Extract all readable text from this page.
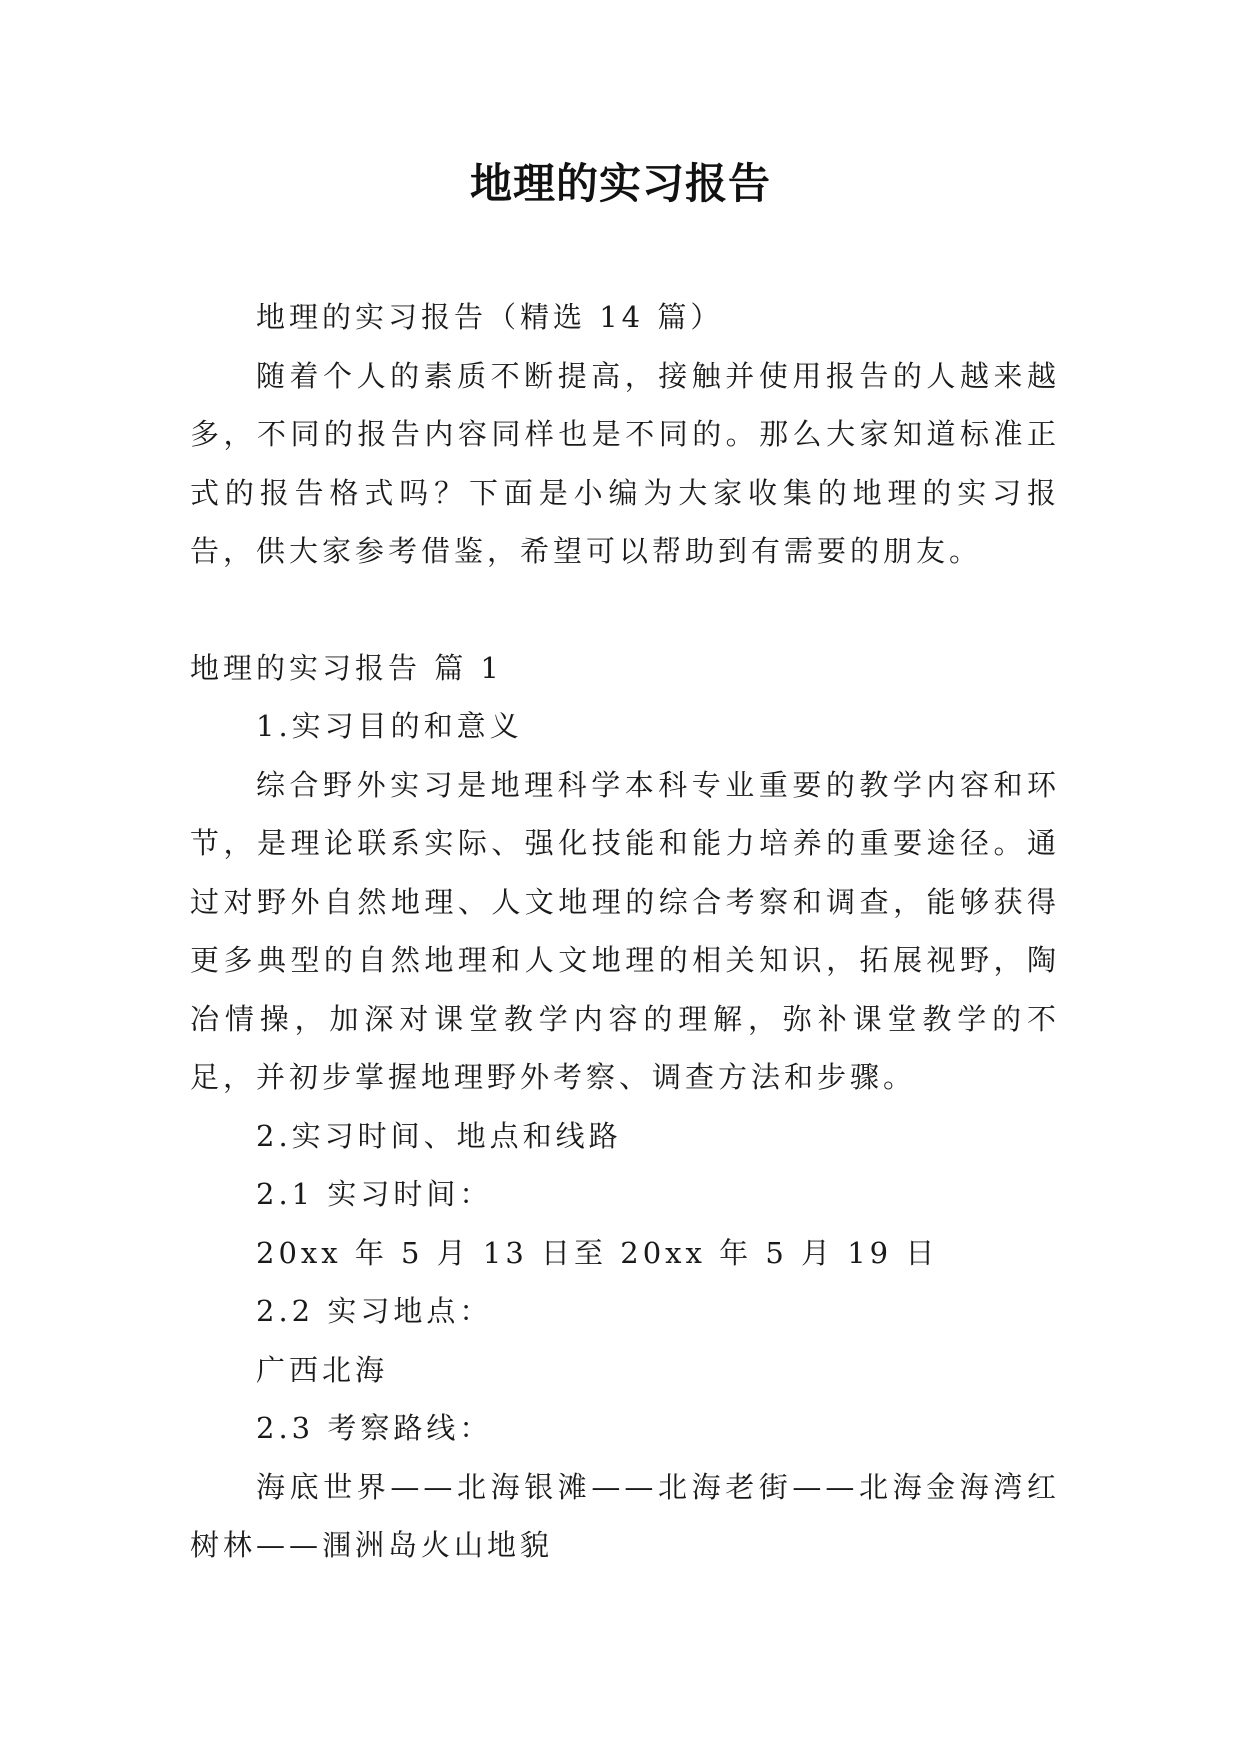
地理的实习报告

地理的实习报告（精选 14 篇）

随着个人的素质不断提高，接触并使用报告的人越来越多，不同的报告内容同样也是不同的。那么大家知道标准正式的报告格式吗？下面是小编为大家收集的地理的实习报告，供大家参考借鉴，希望可以帮助到有需要的朋友。

地理的实习报告 篇 1

1.实习目的和意义

综合野外实习是地理科学本科专业重要的教学内容和环节，是理论联系实际、强化技能和能力培养的重要途径。通过对野外自然地理、人文地理的综合考察和调查，能够获得更多典型的自然地理和人文地理的相关知识，拓展视野，陶冶情操，加深对课堂教学内容的理解，弥补课堂教学的不足，并初步掌握地理野外考察、调查方法和步骤。

2.实习时间、地点和线路

2.1 实习时间：

20xx 年 5 月 13 日至 20xx 年 5 月 19 日

2.2 实习地点：

广西北海

2.3 考察路线：

海底世界——北海银滩——北海老街——北海金海湾红树林——涠洲岛火山地貌
